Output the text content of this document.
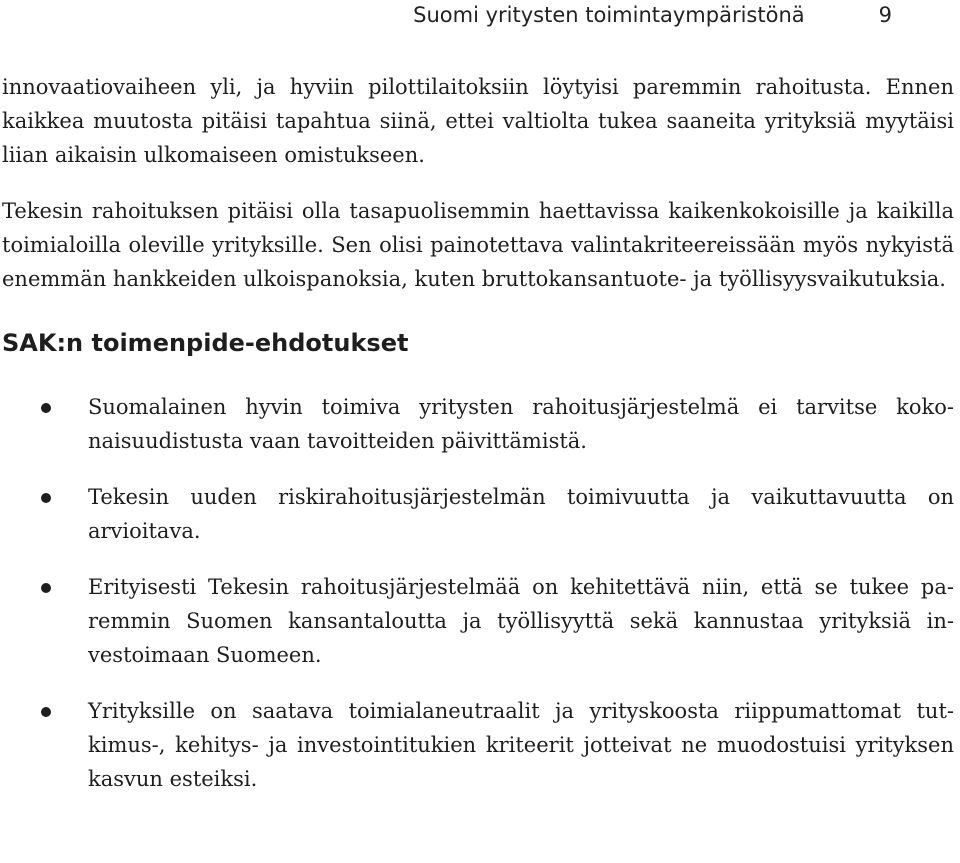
Suomi yritysten toimintaympäristönä	9

innovaatiovaiheen yli, ja hyviin pilottilaitoksiin löytyisi paremmin rahoitusta. Ennen kaikkea muutosta pitäisi tapahtua siinä, ettei valtiolta tukea saaneita yrityksiä myytäisi liian aikaisin ulkomaiseen omistukseen.

Tekesin rahoituksen pitäisi olla tasapuolisemmin haettavissa kaikenkokoisille ja kaikilla toimialoilla oleville yrityksille. Sen olisi painotettava valintakriteereissään myös nykyistä enemmän hankkeiden ulkoispanoksia, kuten bruttokansantuote- ja työllisyysvaikutuksia.

SAK:n toimenpide-ehdotukset
Suomalainen hyvin toimiva yritysten rahoitusjärjestelmä ei tarvitse kokonaisuudistusta vaan tavoitteiden päivittämistä.
Tekesin uuden riskirahoitusjärjestelmän toimivuutta ja vaikuttavuutta on arvioitava.
Erityisesti Tekesin rahoitusjärjestelmää on kehitettävä niin, että se tukee paremmin Suomen kansantaloutta ja työllisyyttä sekä kannustaa yrityksiä investoimaan Suomeen.
Yrityksille on saatava toimialaneutraalit ja yrityskoosta riippumattomat tutkimus-, kehitys- ja investointitukien kriteerit jotteivat ne muodostuisi yrityksen kasvun esteiksi.
